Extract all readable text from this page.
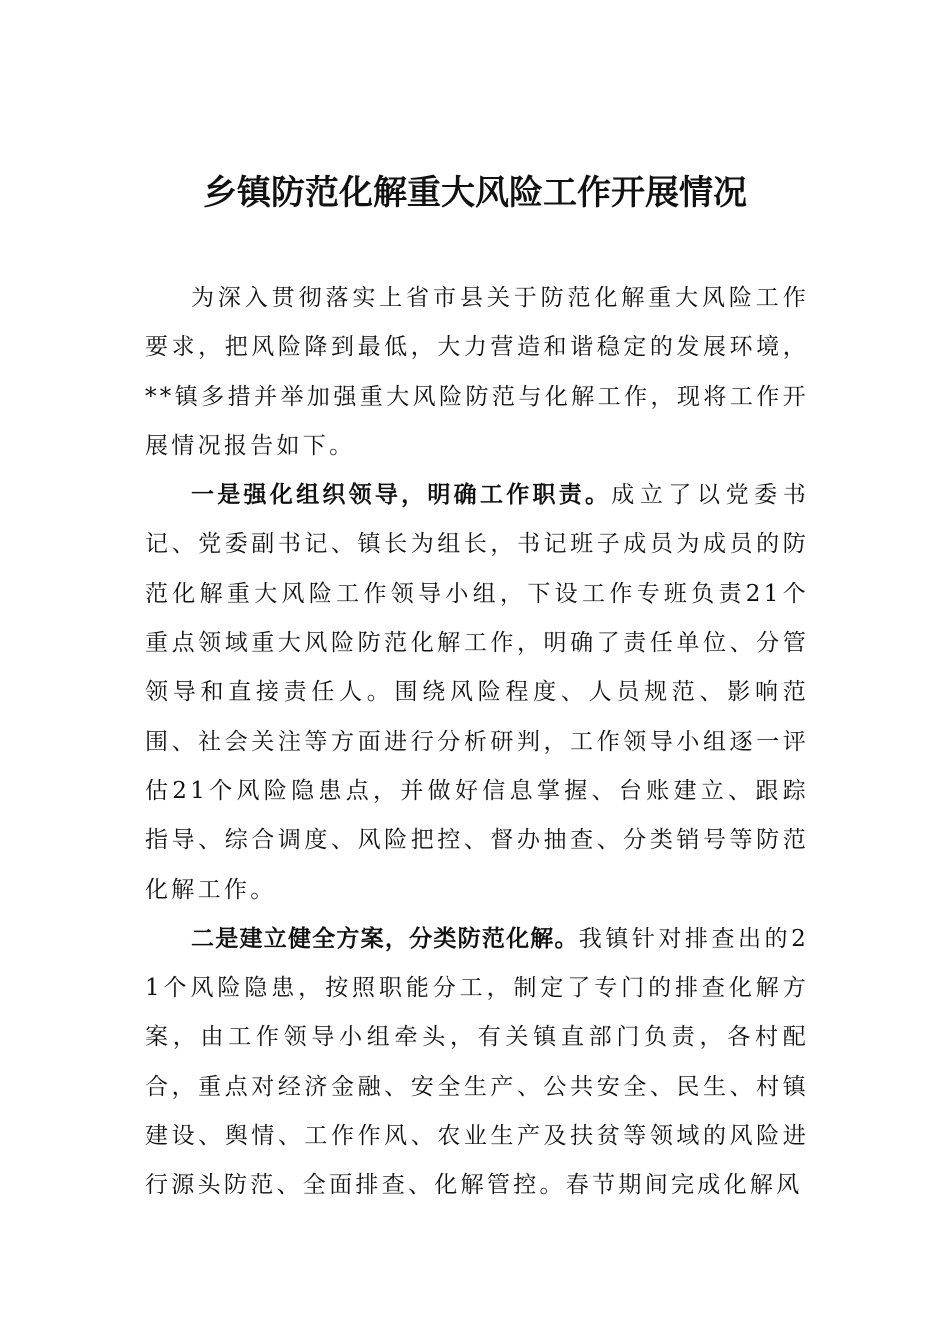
乡镇防范化解重大风险工作开展情况

为深入贯彻落实上省市县关于防范化解重大风险工作要求，把风险降到最低，大力营造和谐稳定的发展环境，**镇多措并举加强重大风险防范与化解工作，现将工作开展情况报告如下。

一是强化组织领导，明确工作职责。成立了以党委书记、党委副书记、镇长为组长，书记班子成员为成员的防范化解重大风险工作领导小组，下设工作专班负责21个重点领域重大风险防范化解工作，明确了责任单位、分管领导和直接责任人。围绕风险程度、人员规范、影响范围、社会关注等方面进行分析研判，工作领导小组逐一评估21个风险隐患点，并做好信息掌握、台账建立、跟踪指导、综合调度、风险把控、督办抽查、分类销号等防范化解工作。

二是建立健全方案，分类防范化解。我镇针对排查出的21个风险隐患，按照职能分工，制定了专门的排查化解方案，由工作领导小组牵头，有关镇直部门负责，各村配合，重点对经济金融、安全生产、公共安全、民生、村镇建设、舆情、工作作风、农业生产及扶贫等领域的风险进行源头防范、全面排查、化解管控。春节期间完成化解风
